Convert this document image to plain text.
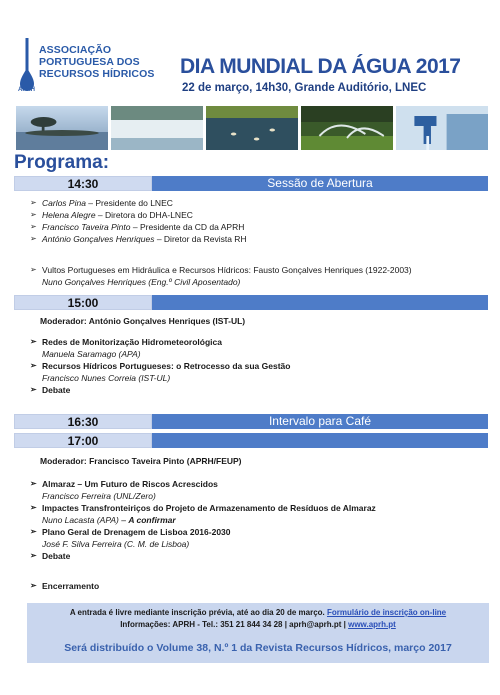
ASSOCIAÇÃO
PORTUGUESA DOS
RECURSOS HÍDRICOS
APRH
DIA MUNDIAL DA ÁGUA 2017
22 de março, 14h30, Grande Auditório, LNEC
Programa:
14:30	Sessão de Abertura
➢ Carlos Pina – Presidente do LNEC
➢ Helena Alegre – Diretora do DHA-LNEC
➢ Francisco Taveira Pinto – Presidente da CD da APRH
➢ António Gonçalves Henriques – Diretor da Revista RH
➢ Vultos Portugueses em Hidráulica e Recursos Hídricos: Fausto Gonçalves Henriques (1922-2003)
Nuno Gonçalves Henriques (Eng.º Civil Aposentado)
15:00
Moderador: António Gonçalves Henriques (IST-UL)
➢ Redes de Monitorização Hidrometeorológica
Manuela Saramago (APA)
➢ Recursos Hídricos Portugueses: o Retrocesso da sua Gestão
Francisco Nunes Correia (IST-UL)
➢ Debate
16:30	Intervalo para Café
17:00
Moderador: Francisco Taveira Pinto (APRH/FEUP)
➢ Almaraz – Um Futuro de Riscos Acrescidos
Francisco Ferreira (UNL/Zero)
➢ Impactes Transfronteiriços do Projeto de Armazenamento de Resíduos de Almaraz
Nuno Lacasta (APA) – A confirmar
➢ Plano Geral de Drenagem de Lisboa 2016-2030
José F. Silva Ferreira (C. M. de Lisboa)
➢ Debate
➢ Encerramento
A entrada é livre mediante inscrição prévia, até ao dia 20 de março. Formulário de inscrição on-line
Informações: APRH - Tel.: 351 21 844 34 28 | aprh@aprh.pt | www.aprh.pt
Será distribuído o Volume 38, N.º 1 da Revista Recursos Hídricos, março 2017
